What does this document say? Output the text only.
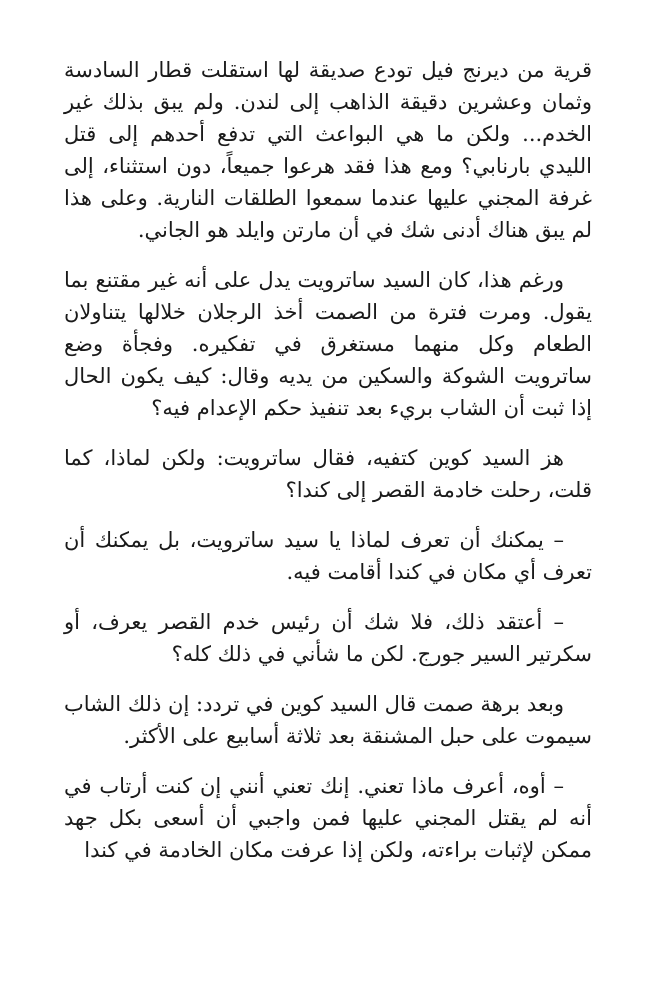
قرية من ديرنج فيل تودع صديقة لها استقلت قطار السادسة وثمان وعشرين دقيقة الذاهب إلى لندن. ولم يبق بذلك غير الخدم... ولكن ما هي البواعث التي تدفع أحدهم إلى قتل الليدي بارنابي؟ ومع هذا فقد هرعوا جميعاً، دون استثناء، إلى غرفة المجني عليها عندما سمعوا الطلقات النارية. وعلى هذا لم يبق هناك أدنى شك في أن مارتن وايلد هو الجاني.

ورغم هذا، كان السيد ساترويت يدل على أنه غير مقتنع بما يقول. ومرت فترة من الصمت أخذ الرجلان خلالها يتناولان الطعام وكل منهما مستغرق في تفكيره. وفجأة وضع ساترويت الشوكة والسكين من يديه وقال: كيف يكون الحال إذا ثبت أن الشاب بريء بعد تنفيذ حكم الإعدام فيه؟

هز السيد كوين كتفيه، فقال ساترويت: ولكن لماذا، كما قلت، رحلت خادمة القصر إلى كندا؟

– يمكنك أن تعرف لماذا يا سيد ساترويت، بل يمكنك أن تعرف أي مكان في كندا أقامت فيه.

– أعتقد ذلك، فلا شك أن رئيس خدم القصر يعرف، أو سكرتير السير جورج. لكن ما شأني في ذلك كله؟

وبعد برهة صمت قال السيد كوين في تردد: إن ذلك الشاب سيموت على حبل المشنقة بعد ثلاثة أسابيع على الأكثر.

– أوه، أعرف ماذا تعني. إنك تعني أنني إن كنت أرتاب في أنه لم يقتل المجني عليها فمن واجبي أن أسعى بكل جهد ممكن لإثبات براءته، ولكن إذا عرفت مكان الخادمة في كندا
